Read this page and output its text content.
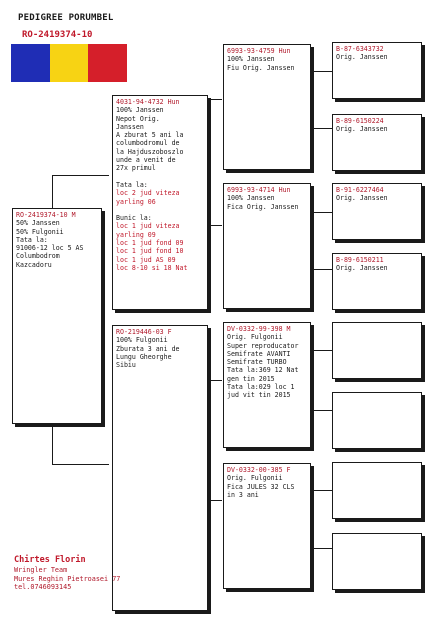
PEDIGREE PORUMBEL
RO-2419374-10

RO-2419374-10 M

50% Janssen
50% Fulgonii
Tata la:
91006-12 loc 5 AS
Columbodrom
Kazcadoru

4031-94-4732 Hun

100% Janssen
Nepot Orig.
Janssen
A zburat 5 ani la
columbodromul de
la Hajduszoboszlo
unde a venit de
27x primul

Tata la:

loc 2 jud viteza
yarling 06

Bunic la:

loc 1 jud viteza
yarling 09
loc 1 jud fond 09
loc 1 jud fond 10
loc 1 jud AS 09
loc 8-10 si 18 Nat

RO-219446-03 F

100% Fulgonii
Zburata 3 ani de
Lungu Gheorghe
Sibiu

6993-93-4759 Hun

100% Janssen
Fiu Orig. Janssen

6993-93-4714 Hun

100% Janssen
Fica Orig. Janssen

DV-0332-99-398 M

Orig. Fulgonii
Super reproducator
Semifrate AVANTI
Semifrate TURBO
Tata la:369 12 Nat
gen tin 2015
Tata la:029 loc 1
jud vit tin 2015

DV-0332-00-385 F

Orig. Fulgonii
Fica JULES 32 CLS
in 3 ani

B-87-6343732

Orig. Janssen

B-89-6150224

Orig. Janssen

B-91-6227464

Orig. Janssen

B-89-6150211

Orig. Janssen

Chirtes Florin
Wringler Team
Mures Reghin Pietroasei 77
tel.0746093145
